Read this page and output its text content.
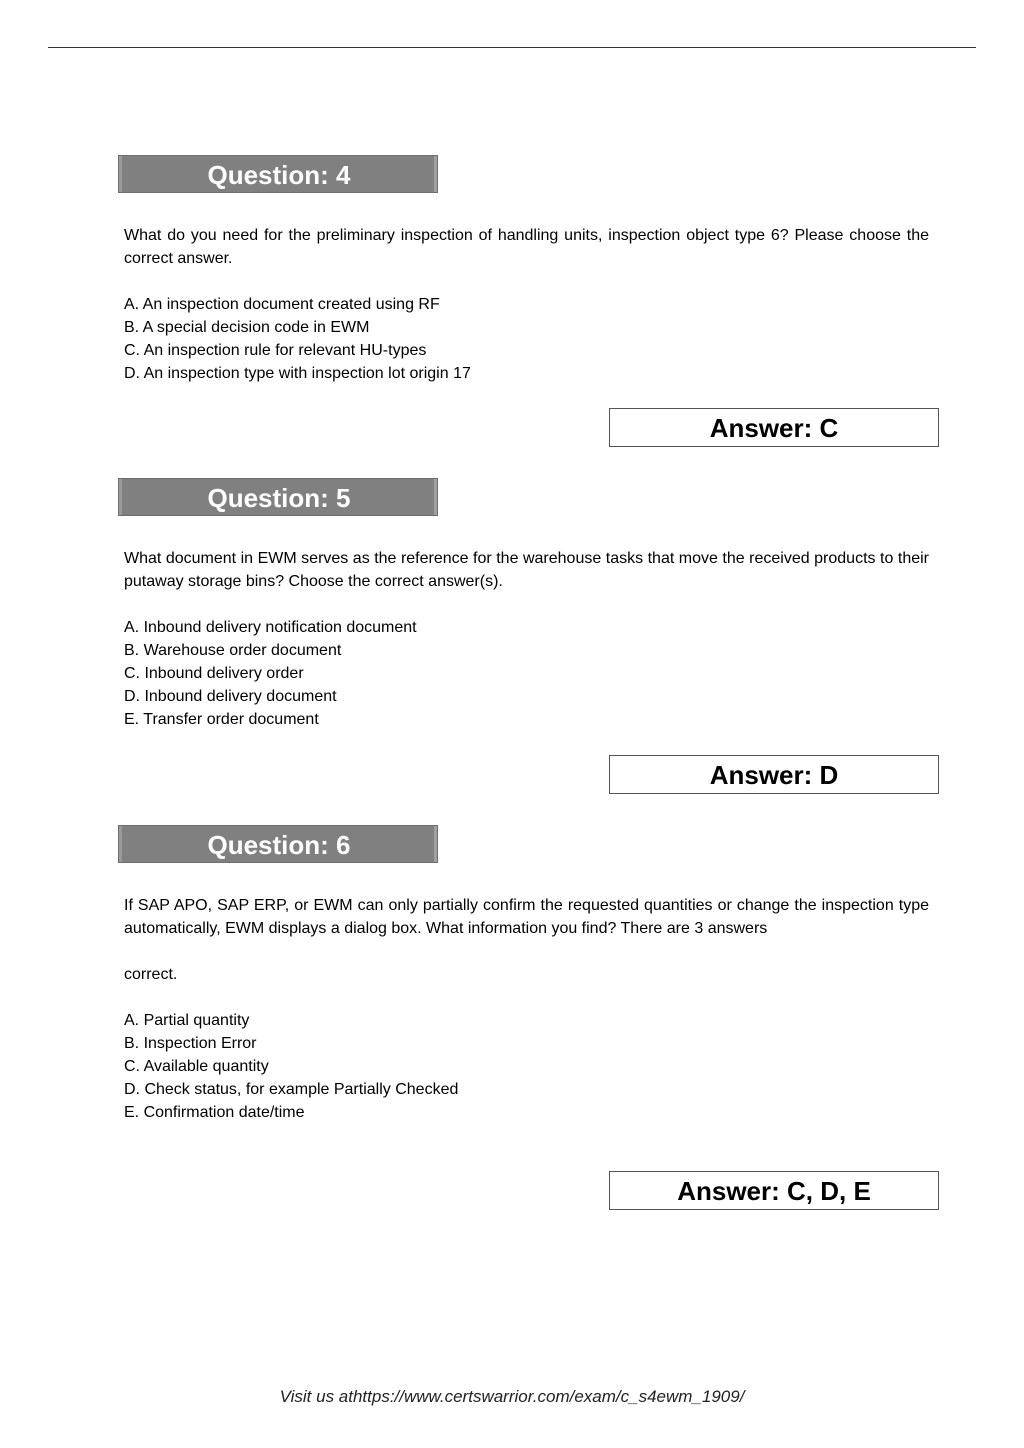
Question: 4

What do you need for the preliminary inspection of handling units, inspection object type 6? Please choose the correct answer.

A. An inspection document created using RF
B. A special decision code in EWM
C. An inspection rule for relevant HU-types
D. An inspection type with inspection lot origin 17
Answer: C
Question: 5

What document in EWM serves as the reference for the warehouse tasks that move the received products to their putaway storage bins? Choose the correct answer(s).

A. Inbound delivery notification document
B. Warehouse order document
C. Inbound delivery order
D. Inbound delivery document
E. Transfer order document
Answer: D
Question: 6

If SAP APO, SAP ERP, or EWM can only partially confirm the requested quantities or change the inspection type automatically, EWM displays a dialog box. What information you find? There are 3 answers

correct.

A. Partial quantity
B. Inspection Error
C. Available quantity
D. Check status, for example Partially Checked
E. Confirmation date/time
Answer: C, D, E
Visit us athttps://www.certswarrior.com/exam/c_s4ewm_1909/
